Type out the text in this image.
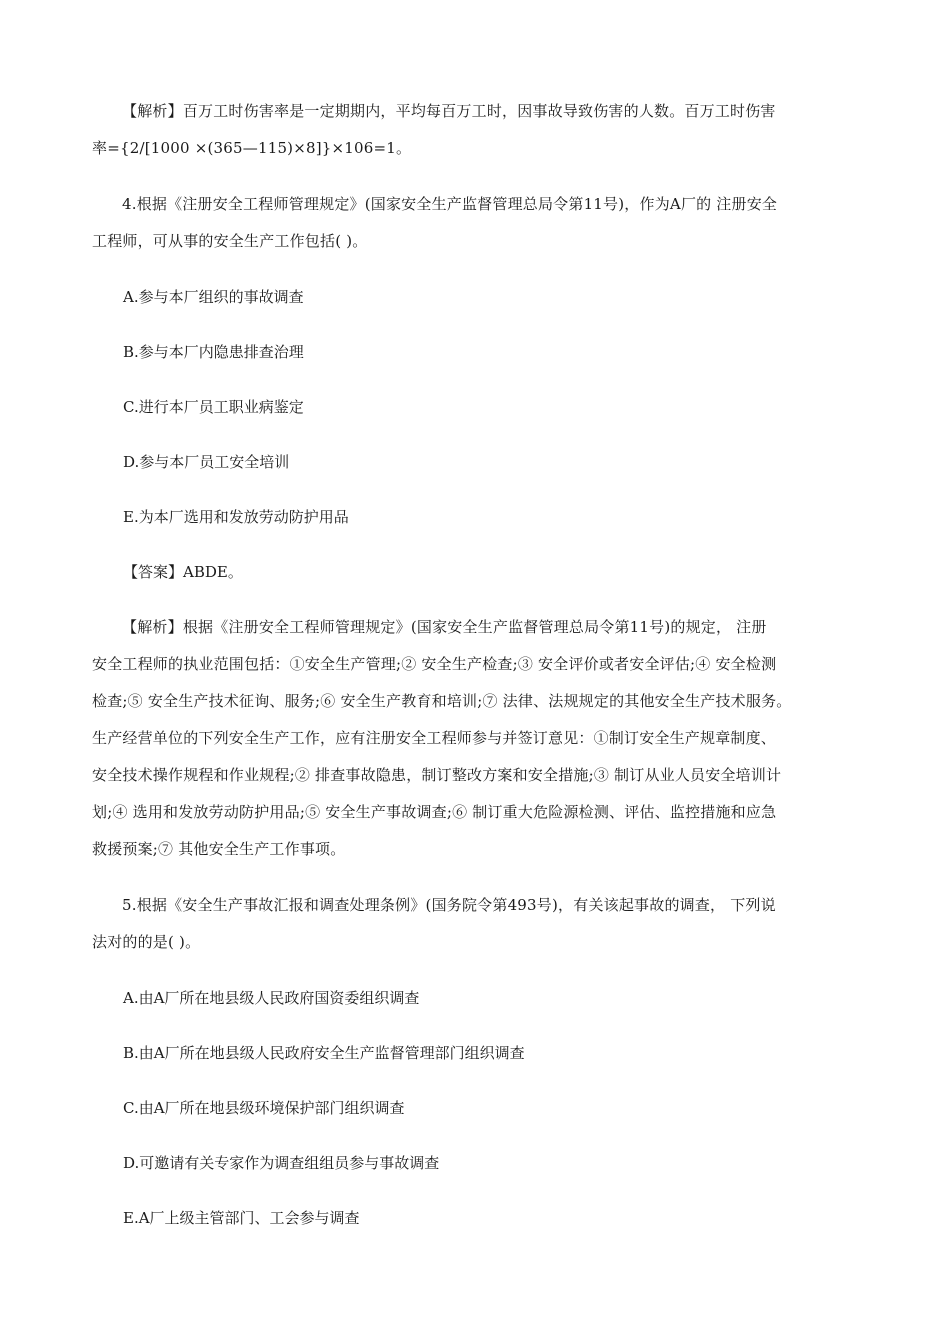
【解析】百万工时伤害率是一定期期内，平均每百万工时，因事故导致伤害的人数。百万工时伤害

率={2/[1000 ×(365—115)×8]}×106=1。

4.根据《注册安全工程师管理规定》(国家安全生产监督管理总局令第11号)，作为A厂的 注册安全

工程师，可从事的安全生产工作包括( )。

A.参与本厂组织的事故调查

B.参与本厂内隐患排查治理

C.进行本厂员工职业病鉴定

D.参与本厂员工安全培训

E.为本厂选用和发放劳动防护用品

【答案】ABDE。

【解析】根据《注册安全工程师管理规定》(国家安全生产监督管理总局令第11号)的规定， 注册

安全工程师的执业范围包括：①安全生产管理;② 安全生产检查;③ 安全评价或者安全评估;④ 安全检测

检查;⑤ 安全生产技术征询、服务;⑥ 安全生产教育和培训;⑦ 法律、法规规定的其他安全生产技术服务。

生产经营单位的下列安全生产工作，应有注册安全工程师参与并签订意见：①制订安全生产规章制度、

安全技术操作规程和作业规程;② 排查事故隐患，制订整改方案和安全措施;③ 制订从业人员安全培训计

划;④ 选用和发放劳动防护用品;⑤ 安全生产事故调查;⑥ 制订重大危险源检测、评估、监控措施和应急

救援预案;⑦ 其他安全生产工作事项。

5.根据《安全生产事故汇报和调查处理条例》(国务院令第493号)，有关该起事故的调查， 下列说

法对的的是( )。

A.由A厂所在地县级人民政府国资委组织调查

B.由A厂所在地县级人民政府安全生产监督管理部门组织调查

C.由A厂所在地县级环境保护部门组织调查

D.可邀请有关专家作为调查组组员参与事故调查

E.A厂上级主管部门、工会参与调查
